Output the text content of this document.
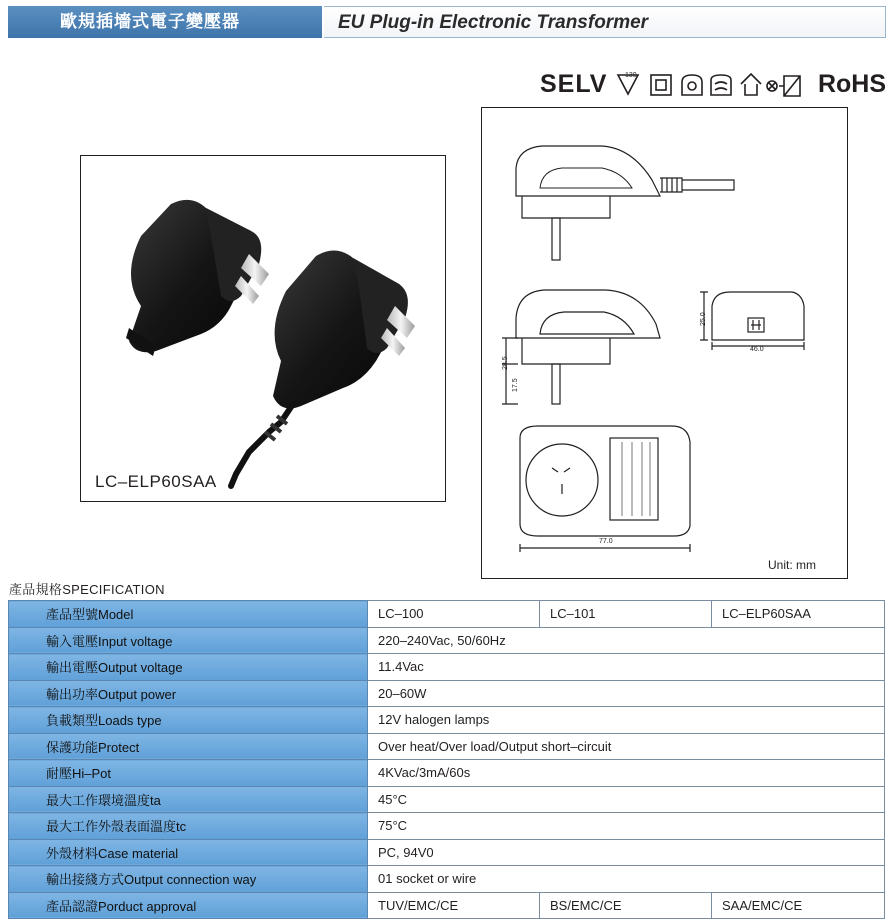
歐規插墻式電子變壓器	EU Plug-in Electronic Transformer
SELV	RoHS
130
LC–ELP60SAA
28.5
17.5
25.0
46.0
77.0
Unit: mm
產品規格SPECIFICATION
產品型號Model	LC–100	LC–101	LC–ELP60SAA
輸入電壓Input voltage	220–240Vac, 50/60Hz		
輸出電壓Output voltage	11.4Vac		
輸出功率Output power	20–60W		
負載類型Loads type	12V halogen lamps		
保護功能Protect	Over heat/Over load/Output short–circuit		
耐壓Hi–Pot	4KVac/3mA/60s		
最大工作環境溫度ta	45°C		
最大工作外殼表面溫度tc	75°C		
外殼材料Case material	PC, 94V0		
輸出接綫方式Output connection way	01 socket or wire		
產品認證Porduct approval	TUV/EMC/CE	BS/EMC/CE	SAA/EMC/CE
